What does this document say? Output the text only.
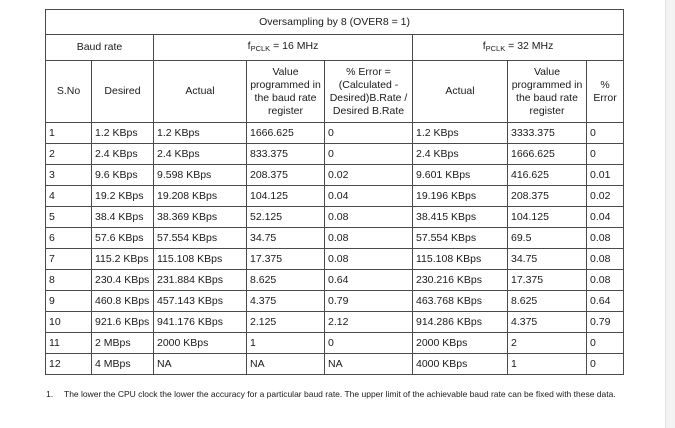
Oversampling by 8 (OVER8 = 1)							
Baud rate		$f_{PCLK} = 16$ MHz			$f_{PCLK} = 32$ MHz		
S.No	Desired	Actual	Value programmed in the baud rate register	% Error = (Calculated - Desired)B.Rate / Desired B.Rate	Actual	Value programmed in the baud rate register	% Error
1	1.2 KBps	1.2 KBps	1666.625	0	1.2 KBps	3333.375	0
2	2.4 KBps	2.4 KBps	833.375	0	2.4 KBps	1666.625	0
3	9.6 KBps	9.598 KBps	208.375	0.02	9.601 KBps	416.625	0.01
4	19.2 KBps	19.208 KBps	104.125	0.04	19.196 KBps	208.375	0.02
5	38.4 KBps	38.369 KBps	52.125	0.08	38.415 KBps	104.125	0.04
6	57.6 KBps	57.554 KBps	34.75	0.08	57.554 KBps	69.5	0.08
7	115.2 KBps	115.108 KBps	17.375	0.08	115.108 KBps	34.75	0.08
8	230.4 KBps	231.884 KBps	8.625	0.64	230.216 KBps	17.375	0.08
9	460.8 KBps	457.143 KBps	4.375	0.79	463.768 KBps	8.625	0.64
10	921.6 KBps	941.176 KBps	2.125	2.12	914.286 KBps	4.375	0.79
11	2 MBps	2000 KBps	1	0	2000 KBps	2	0
12	4 MBps	NA	NA	NA	4000 KBps	1	0
1.	The lower the CPU clock the lower the accuracy for a particular baud rate. The upper limit of the achievable baud rate can be fixed with these data.
